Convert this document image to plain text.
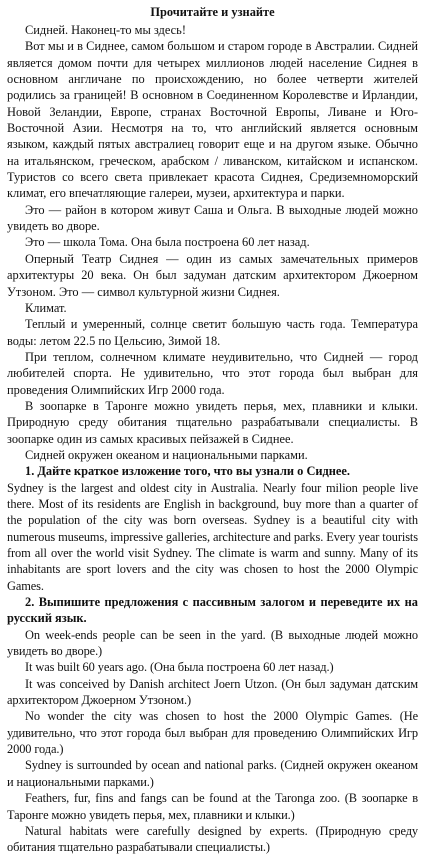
Прочитайте и узнайте

Сидней. Наконец-то мы здесь!

Вот мы и в Сиднее, самом большом и старом городе в Австралии. Сидней является домом почти для четырех миллионов людей население Сиднея в основном англичане по происхождению, но более четверти жителей родились за границей! В основном в Соединенном Королевстве и Ирландии, Новой Зеландии, Европе, странах Восточной Европы, Ливане и Юго-Восточной Азии. Несмотря на то, что английский является основным языком, каждый пятых австралиец говорит еще и на другом языке. Обычно на итальянском, греческом, арабском / ливанском, китайском и испанском. Туристов со всего света привлекает красота Сиднея, Средиземноморский климат, его впечатляющие галереи, музеи, архитектура и парки.

Это — район в котором живут Саша и Ольга. В выходные людей можно увидеть во дворе.

Это — школа Тома. Она была построена 60 лет назад.

Оперный Театр Сиднея — один из самых замечательных примеров архитектуры 20 века. Он был задуман датским архитектором Джоерном Утзоном. Это — символ культурной жизни Сиднея.

Климат.

Теплый и умеренный, солнце светит большую часть года. Температура воды: летом 22.5 по Цельсию, Зимой 18.

При теплом, солнечном климате неудивительно, что Сидней — город любителей спорта. Не удивительно, что этот города был выбран для проведения Олимпийских Игр 2000 года.

В зоопарке в Таронге можно увидеть перья, мех, плавники и клыки. Природную среду обитания тщательно разрабатывали специалисты. В зоопарке один из самых красивых пейзажей в Сиднее.

Сидней окружен океаном и национальными парками.

1. Дайте краткое изложение того, что вы узнали о Сиднее.

Sydney is the largest and oldest city in Australia. Nearly four milion people live there. Most of its residents are English in background, buy more than a quarter of the population of the city was born overseas. Sydney is a beautiful city with numerous museums, impressive galleries, architecture and parks. Every year tourists from all over the world visit Sydney. The climate is warm and sunny. Many of its inhabitants are sport lovers and the city was chosen to host the 2000 Olympic Games.

2. Выпишите предложения с пассивным залогом и переведите их на русский язык.

On week-ends people can be seen in the yard. (В выходные людей можно увидеть во дворе.)

It was built 60 years ago. (Она была построена 60 лет назад.)

It was conceived by Danish architect Joern Utzon. (Он был задуман датским архитектором Джоерном Утзоном.)

No wonder the city was chosen to host the 2000 Olympic Games. (Не удивительно, что этот города был выбран для проведению Олимпийских Игр 2000 года.)

Sydney is surrounded by ocean and national parks. (Сидней окружен океаном и национальными парками.)

Feathers, fur, fins and fangs can be found at the Taronga zoo. (В зоопарке в Таронге можно увидеть перья, мех, плавники и клыки.)

Natural habitats were carefully designed by experts. (Природную среду обитания тщательно разрабатывали специалисты.)
